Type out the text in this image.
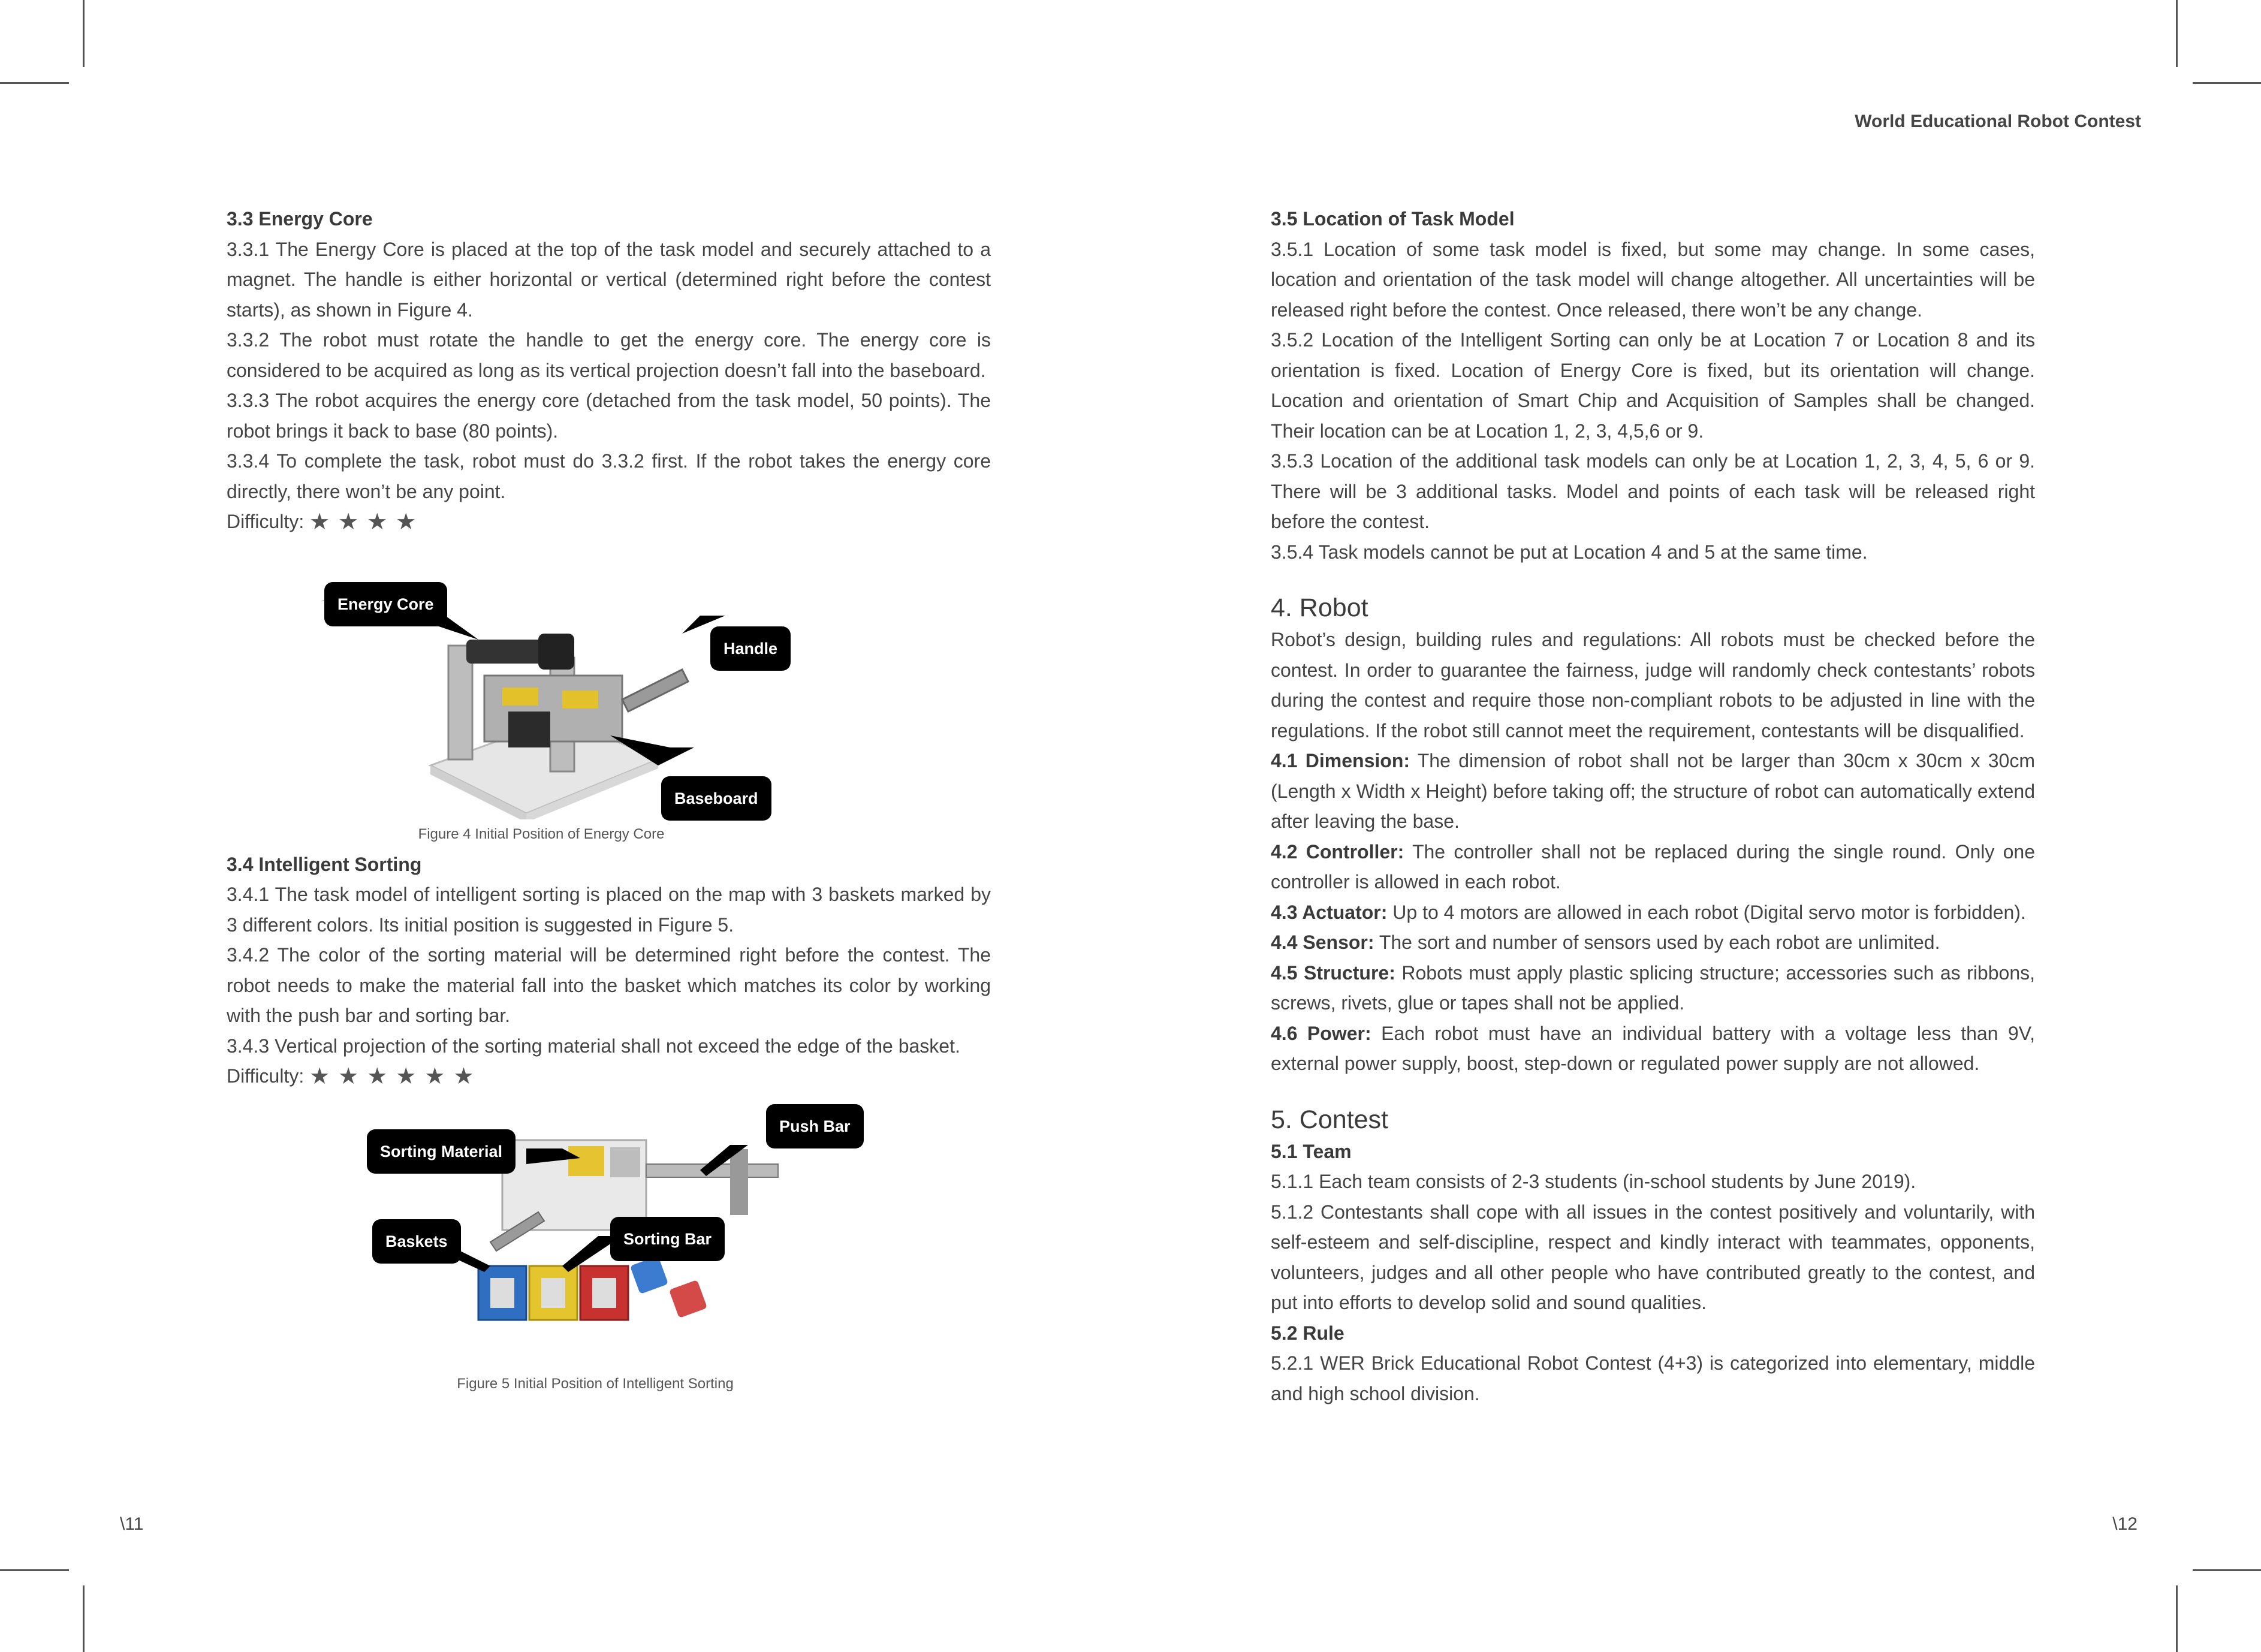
World Educational Robot Contest

3.3 Energy Core

3.3.1 The Energy Core is placed at the top of the task model and securely attached to a magnet. The handle is either horizontal or vertical (determined right before the contest starts), as shown in Figure 4.

3.3.2 The robot must rotate the handle to get the energy core. The energy core is considered to be acquired as long as its vertical projection doesn’t fall into the baseboard.

3.3.3 The robot acquires the energy core (detached from the task model, 50 points). The robot brings it back to base (80 points).

3.3.4 To complete the task, robot must do 3.3.2 first. If the robot takes the energy core directly, there won’t be any point.

Difficulty: ★★★★

Energy Core
Handle
Baseboard
Figure 4 Initial Position of Energy Core

3.4 Intelligent Sorting

3.4.1 The task model of intelligent sorting is placed on the map with 3 baskets marked by 3 different colors. Its initial position is suggested in Figure 5.

3.4.2 The color of the sorting material will be determined right before the contest. The robot needs to make the material fall into the basket which matches its color by working with the push bar and sorting bar.

3.4.3 Vertical projection of the sorting material shall not exceed the edge of the basket.

Difficulty: ★★★★★★

Sorting Material
Push Bar
Baskets	Sorting Bar
Figure 5 Initial Position of Intelligent Sorting

3.5 Location of Task Model

3.5.1 Location of some task model is fixed, but some may change. In some cases, location and orientation of the task model will change altogether. All uncertainties will be released right before the contest. Once released, there won’t be any change.

3.5.2 Location of the Intelligent Sorting can only be at Location 7 or Location 8 and its orientation is fixed. Location of Energy Core is fixed, but its orientation will change. Location and orientation of Smart Chip and Acquisition of Samples shall be changed. Their location can be at Location 1, 2, 3, 4,5,6 or 9.

3.5.3 Location of the additional task models can only be at Location 1, 2, 3, 4, 5, 6 or 9. There will be 3 additional tasks. Model and points of each task will be released right before the contest.

3.5.4 Task models cannot be put at Location 4 and 5 at the same time.

4. Robot

Robot’s design, building rules and regulations: All robots must be checked before the contest. In order to guarantee the fairness, judge will randomly check contestants’ robots during the contest and require those non-compliant robots to be adjusted in line with the regulations. If the robot still cannot meet the requirement, contestants will be disqualified.

4.1 Dimension: The dimension of robot shall not be larger than 30cm x 30cm x 30cm (Length x Width x Height) before taking off; the structure of robot can automatically extend after leaving the base.

4.2 Controller: The controller shall not be replaced during the single round. Only one controller is allowed in each robot.

4.3 Actuator: Up to 4 motors are allowed in each robot (Digital servo motor is forbidden).

4.4 Sensor: The sort and number of sensors used by each robot are unlimited.

4.5 Structure: Robots must apply plastic splicing structure; accessories such as ribbons, screws, rivets, glue or tapes shall not be applied.

4.6 Power: Each robot must have an individual battery with a voltage less than 9V, external power supply, boost, step-down or regulated power supply are not allowed.

5. Contest

5.1 Team

5.1.1 Each team consists of 2-3 students (in-school students by June 2019).

5.1.2 Contestants shall cope with all issues in the contest positively and voluntarily, with self-esteem and self-discipline, respect and kindly interact with teammates, opponents, volunteers, judges and all other people who have contributed greatly to the contest, and put into efforts to develop solid and sound qualities.

5.2 Rule

5.2.1 WER Brick Educational Robot Contest (4+3) is categorized into elementary, middle and high school division.

\11	\12
